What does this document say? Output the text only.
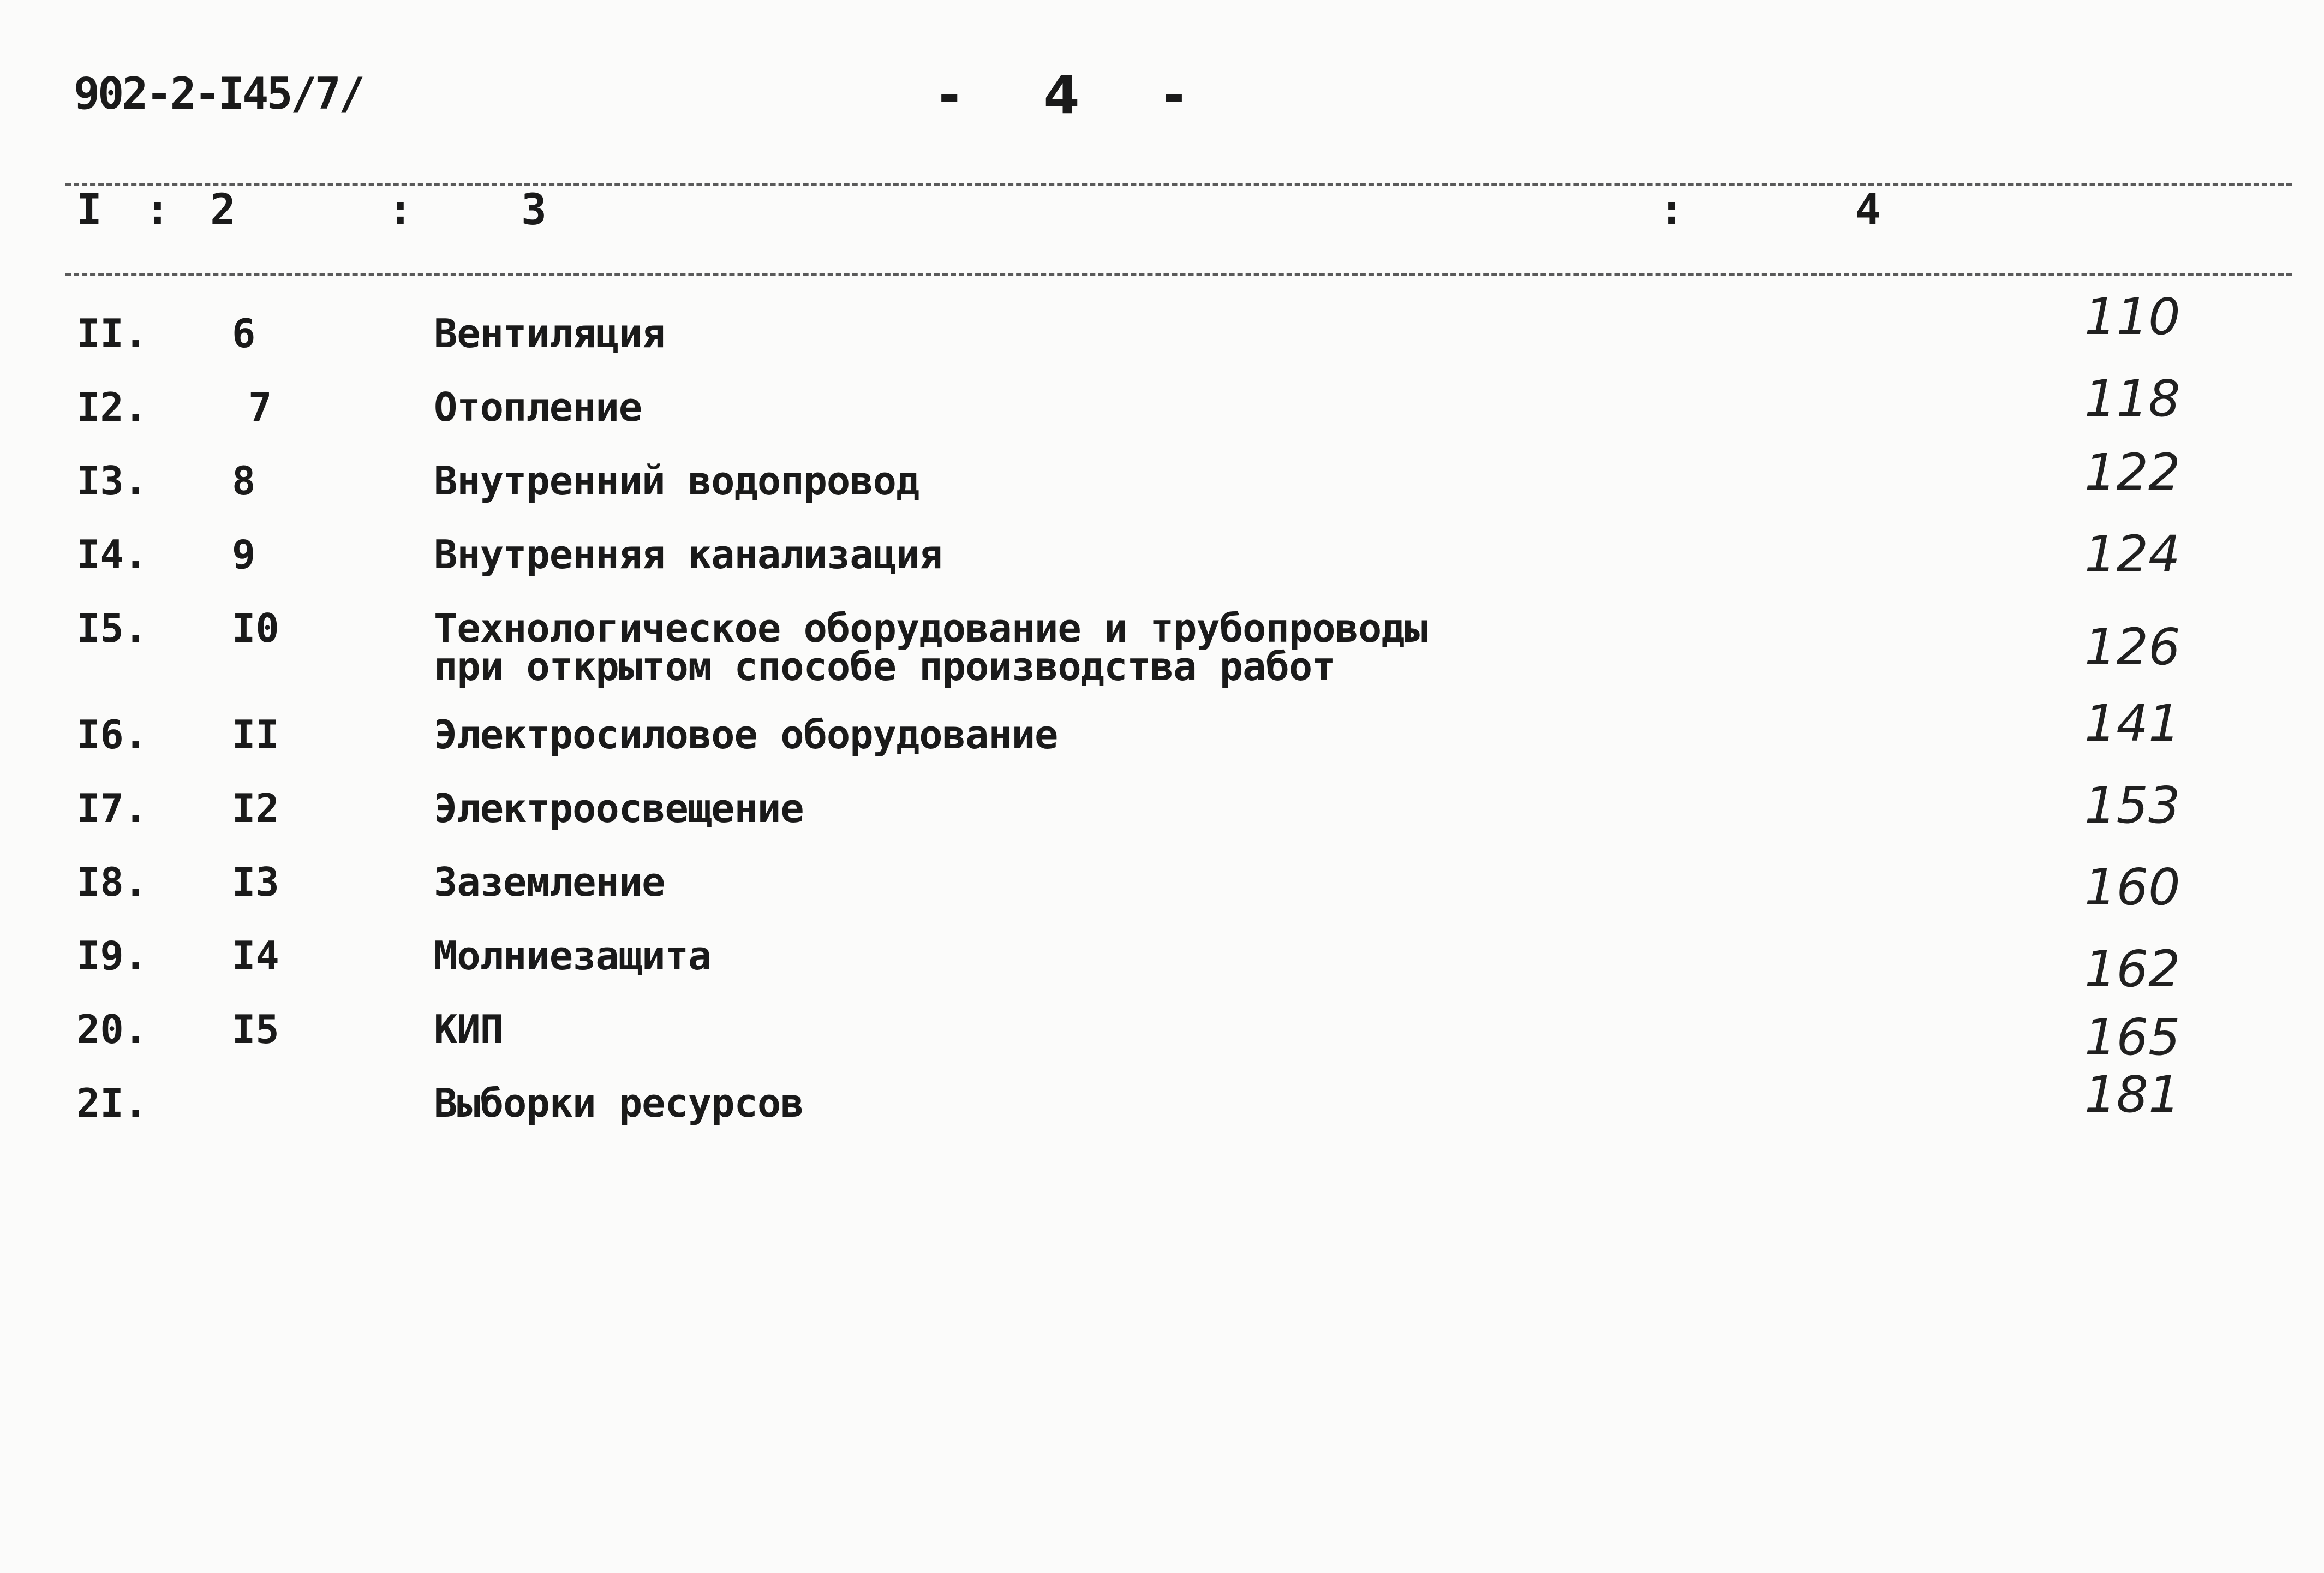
902-2-I45/7/	- 4 -
I : 2	:	3	:	4
II. 6	Вентиляция	110
I2.	7	Отопление	118
I3. 8	Внутренний водопровод	122
I4. 9	Внутренняя канализация	124
I5. I0	Технологическое оборудование и трубопроводы
при открытом способе производства работ	126
I6. II	Электросиловое оборудование	141
I7. I2	Электроосвещение	153
I8. I3	Заземление	160
I9. I4	Молниезащита	162
20. I5	КИП	165
2I.	Выборки ресурсов	181
